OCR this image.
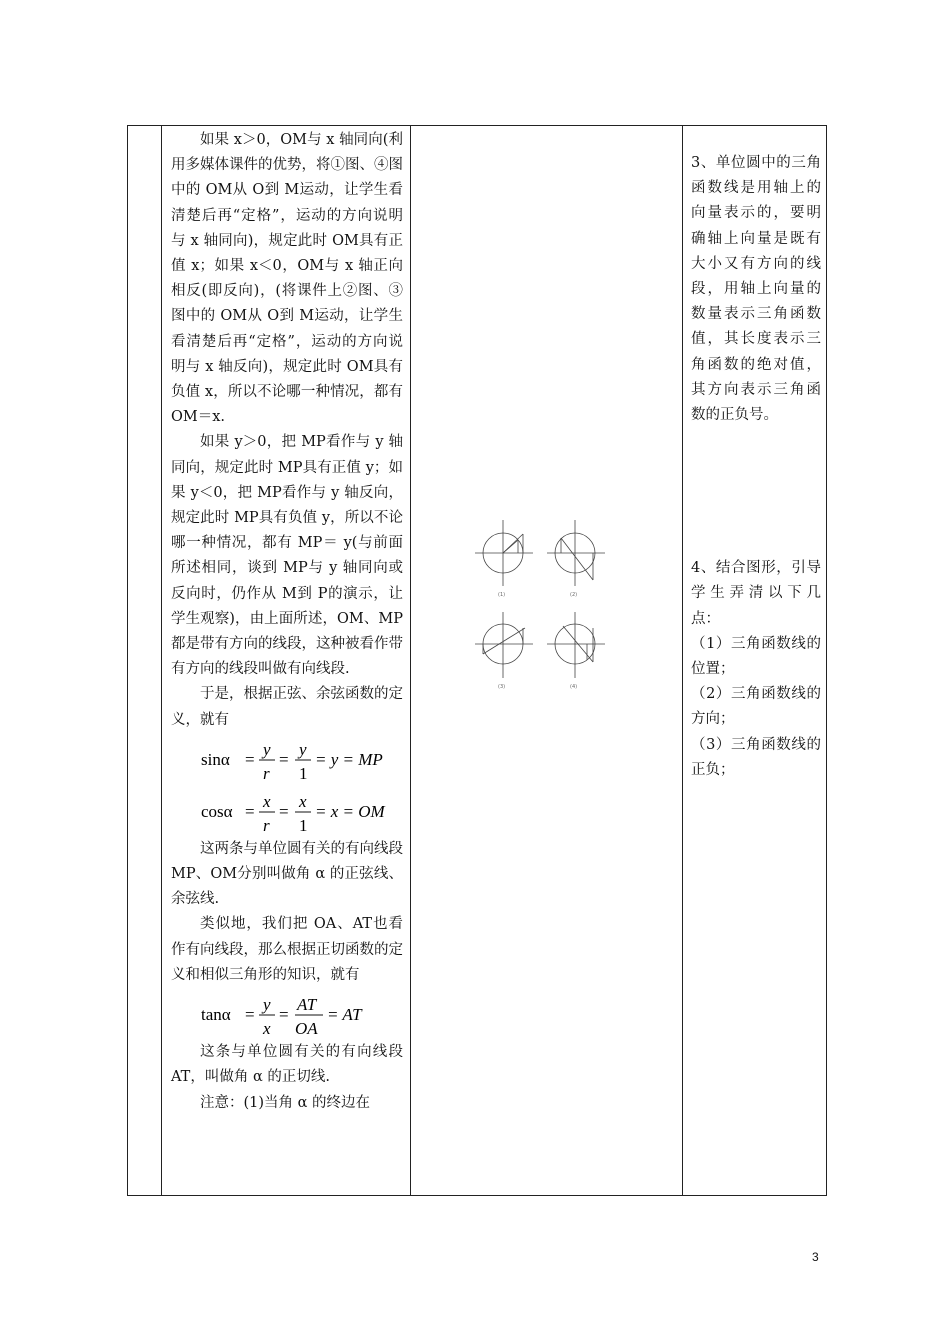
如果 x＞0，OM与 x 轴同向(利用多媒体课件的优势，将①图、④图中的 OM从 O到 M运动，让学生看清楚后再“定格”，运动的方向说明与 x 轴同向)，规定此时 OM具有正值 x；如果 x＜0，OM与 x 轴正向相反(即反向)，(将课件上②图、③图中的 OM从 O到 M运动，让学生看清楚后再“定格”，运动的方向说明与 x 轴反向)，规定此时 OM具有负值 x，所以不论哪一种情况，都有 OM＝x.

如果 y＞0，把 MP看作与 y 轴同向，规定此时 MP具有正值 y；如果 y＜0，把 MP看作与 y 轴反向，规定此时 MP具有负值 y，所以不论哪一种情况，都有 MP＝ y(与前面所述相同，谈到 MP与 y 轴同向或反向时，仍作从 M到 P的演示，让学生观察)，由上面所述，OM、MP都是带有方向的线段，这种被看作带有方向的线段叫做有向线段.

于是，根据正弦、余弦函数的定义，就有

sinα =
y
r
=
y
1
= y = MP
cosα =
x
r
=
x
1
= x = OM

这两条与单位圆有关的有向线段 MP、OM分别叫做角 α 的正弦线、余弦线.

类似地，我们把 OA、AT也看作有向线段，那么根据正切函数的定义和相似三角形的知识，就有

tanα =
y
x
=
AT
OA
= AT

这条与单位圆有关的有向线段 AT，叫做角 α 的正切线.

注意：(1)当角 α 的终边在

(1)	(2)
(3)	(4)

3、单位圆中的三角函数线是用轴上的向量表示的，要明确轴上向量是既有大小又有方向的线段，用轴上向量的数量表示三角函数值，其长度表示三角函数的绝对值，其方向表示三角函数的正负号。

4、结合图形，引导学生弄清以下几点：

（1）三角函数线的位置；

（2）三角函数线的方向；

（3）三角函数线的正负；

3
